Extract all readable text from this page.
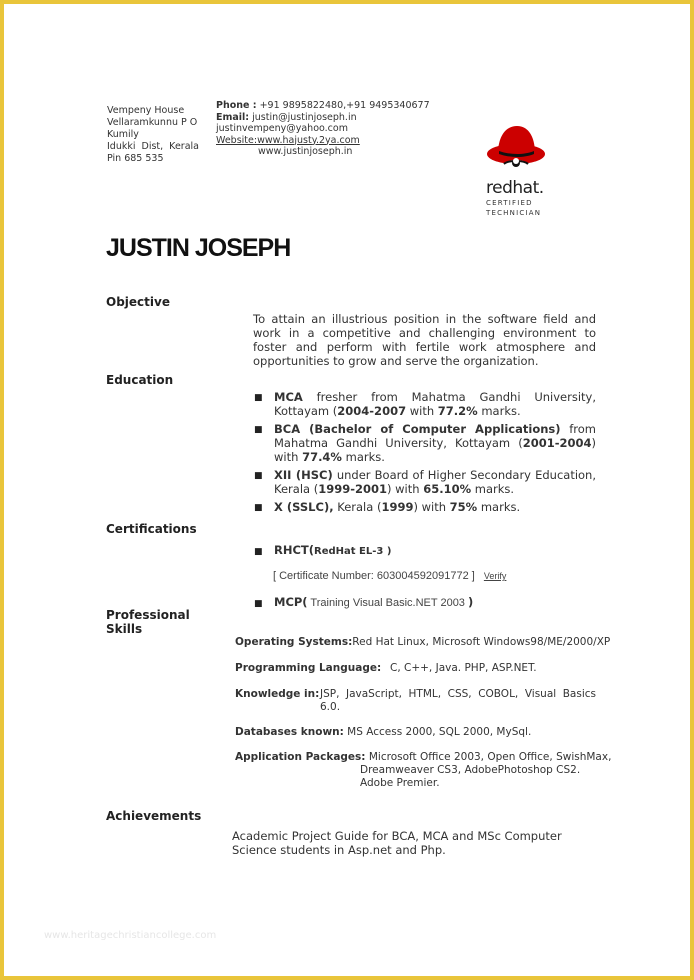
Vempeny House
Vellaramkunnu P O
Kumily
Idukki Dist, Kerala
Pin 685 535
Phone : +91 9895822480,+91 9495340677
Email: justin@justinjoseph.in
justinvempeny@yahoo.com
Website:www.hajusty.2ya.com
www.justinjoseph.in
redhat.
CERTIFIED
TECHNICIAN
JUSTIN JOSEPH
Objective
To attain an illustrious position in the software field and work in a competitive and challenging environment to foster and perform with fertile work atmosphere and opportunities to grow and serve the organization.
Education
■ MCA fresher from Mahatma Gandhi University, Kottayam (2004-2007 with 77.2% marks.
■ BCA (Bachelor of Computer Applications) from Mahatma Gandhi University, Kottayam (2001-2004) with 77.4% marks.
■ XII (HSC) under Board of Higher Secondary Education, Kerala (1999-2001) with 65.10% marks.
■ X (SSLC), Kerala (1999) with 75% marks.
Certifications
■ RHCT(RedHat EL-3 )
[ Certificate Number: 603004592091772 ] Verify
■ MCP( Training Visual Basic.NET 2003 )
Professional
Skills
Operating Systems:Red Hat Linux, Microsoft Windows98/ME/2000/XP
Programming Language: C, C++, Java. PHP, ASP.NET.
Knowledge in: JSP, JavaScript, HTML, CSS, COBOL, Visual Basics
6.0.
Databases known: MS Access 2000, SQL 2000, MySql.
Application Packages: Microsoft Office 2003, Open Office, SwishMax,
Dreamweaver CS3, AdobePhotoshop CS2.
Adobe Premier.
Achievements
Academic Project Guide for BCA, MCA and MSc Computer
Science students in Asp.net and Php.
www.heritagechristiancollege.com
